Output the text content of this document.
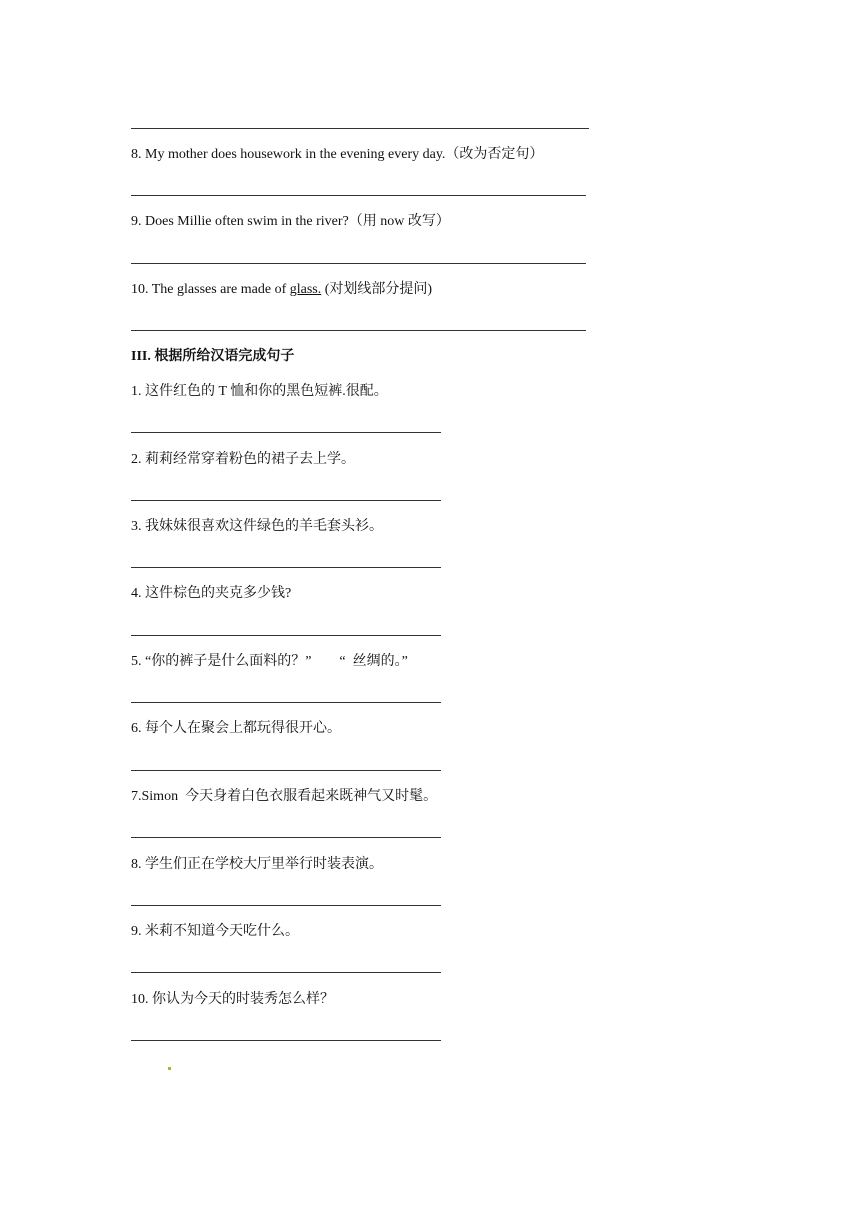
8. My mother does housework in the evening every day.（改为否定句）
9. Does Millie often swim in the river?（用 now 改写）
10. The glasses are made of glass. (对划线部分提问)
III. 根据所给汉语完成句子
1. 这件红色的 T 恤和你的黑色短裤.很配。
2. 莉莉经常穿着粉色的裙子去上学。
3. 我妹妹很喜欢这件绿色的羊毛套头衫。
4. 这件棕色的夹克多少钱?
5. “你的裤子是什么面料的？”        “  丝绸的。”
6. 每个人在聚会上都玩得很开心。
7.Simon  今天身着白色衣服看起来既神气又时髦。
8. 学生们正在学校大厅里举行时装表演。
9. 米莉不知道今天吃什么。
10. 你认为今天的时装秀怎么样？
